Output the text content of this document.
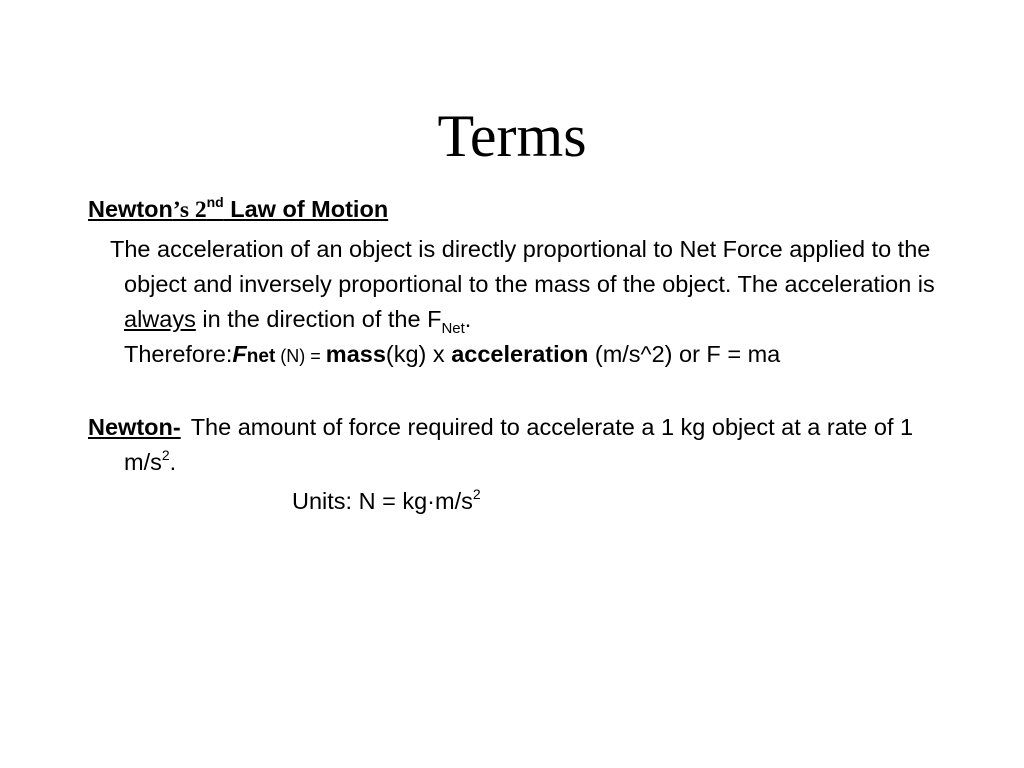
Terms
Newton’s 2nd Law of Motion
The acceleration of an object is directly proportional to Net Force applied to the object and inversely proportional to the mass of the object. The acceleration is always in the direction of the $F_{Net}$.
Therefore:Fnet (N) = mass(kg) x acceleration (m/s^2) or F = ma
Newton- The amount of force required to accelerate a 1 kg object at a rate of 1 $m/s^2$.
Units: $N = kg\cdot m/s^2$
